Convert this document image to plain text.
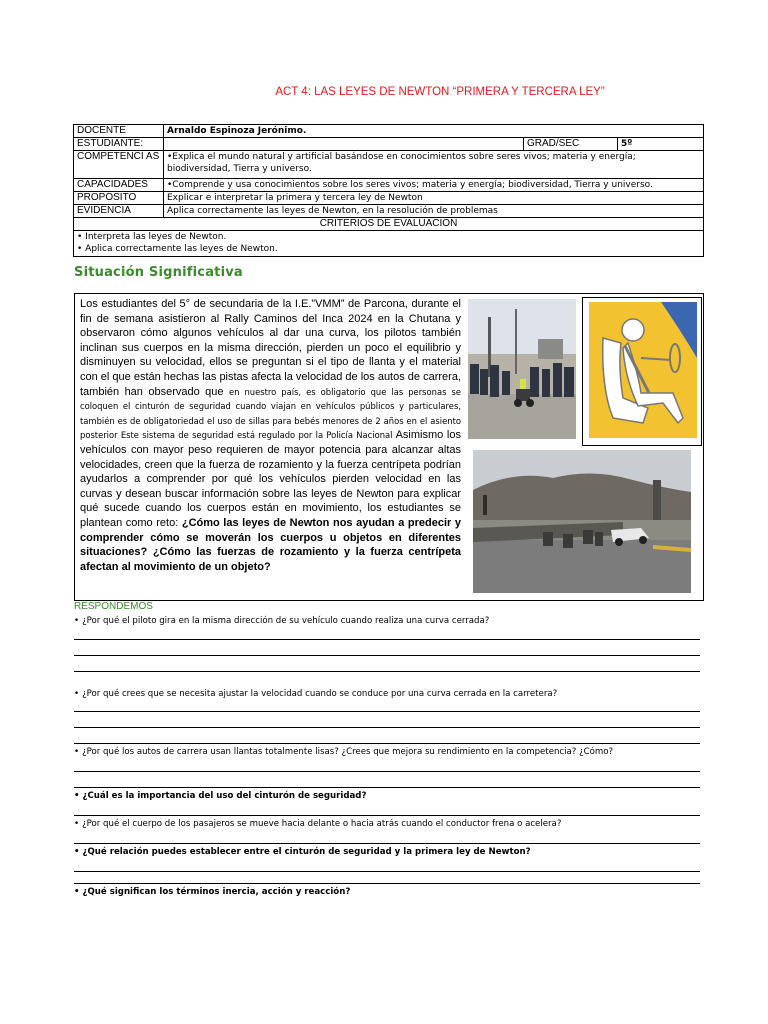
ACT 4: LAS LEYES DE NEWTON “PRIMERA Y TERCERA LEY”
DOCENTE	Arnaldo Espinoza Jerónimo.		
ESTUDIANTE:		GRAD/SEC	5º
COMPETENCI AS	•Explica el mundo natural y artificial basándose en conocimientos sobre seres vivos; materia y energía; biodiversidad, Tierra y universo.		
CAPACIDADES	•Comprende y usa conocimientos sobre los seres vivos; materia y energía; biodiversidad, Tierra y universo.		
PROPÓSITO	Explicar e interpretar la primera y tercera ley de Newton		
EVIDENCIA	Aplica correctamente las leyes de Newton, en la resolución de problemas		
CRITERIOS DE EVALUACION			

• Interpreta las leyes de Newton.
• Aplica correctamente las leyes de Newton.			
Situación Significativa
Los estudiantes del 5° de secundaria de la I.E.”VMM” de Parcona, durante el fin de semana asistieron al Rally Caminos del Inca 2024 en la Chutana y observaron cómo algunos vehículos al dar una curva, los pilotos también inclinan sus cuerpos en la misma dirección, pierden un poco el equilibrio y disminuyen su velocidad, ellos se preguntan si el tipo de llanta y el material con el que están hechas las pistas afecta la velocidad de los autos de carrera, también han observado que en nuestro país, es obligatorio que las personas se coloquen el cinturón de seguridad cuando viajan en vehículos públicos y particulares, también es de obligatoriedad el uso de sillas para bebés menores de 2 años en el asiento posterior Este sistema de seguridad está regulado por la Policía Nacional Asimismo los vehículos con mayor peso requieren de mayor potencia para alcanzar altas velocidades, creen que la fuerza de rozamiento y la fuerza centrípeta podrían ayudarlos a comprender por qué los vehículos pierden velocidad en las curvas y desean buscar información sobre las leyes de Newton para explicar qué sucede cuando los cuerpos están en movimiento, los estudiantes se plantean como reto: ¿Cómo las leyes de Newton nos ayudan a predecir y comprender cómo se moverán los cuerpos u objetos en diferentes situaciones? ¿Cómo las fuerzas de rozamiento y la fuerza centrípeta afectan al movimiento de un objeto?
RESPONDEMOS
• ¿Por qué el piloto gira en la misma dirección de su vehículo cuando realiza una curva cerrada?
• ¿Por qué crees que se necesita ajustar la velocidad cuando se conduce por una curva cerrada en la carretera?
• ¿Por qué los autos de carrera usan llantas totalmente lisas? ¿Crees que mejora su rendimiento en la competencia? ¿Cómo?
• ¿Cuál es la importancia del uso del cinturón de seguridad?
• ¿Por qué el cuerpo de los pasajeros se mueve hacia delante o hacia atrás cuando el conductor frena o acelera?
• ¿Qué relación puedes establecer entre el cinturón de seguridad y la primera ley de Newton?
• ¿Qué significan los términos inercia, acción y reacción?
